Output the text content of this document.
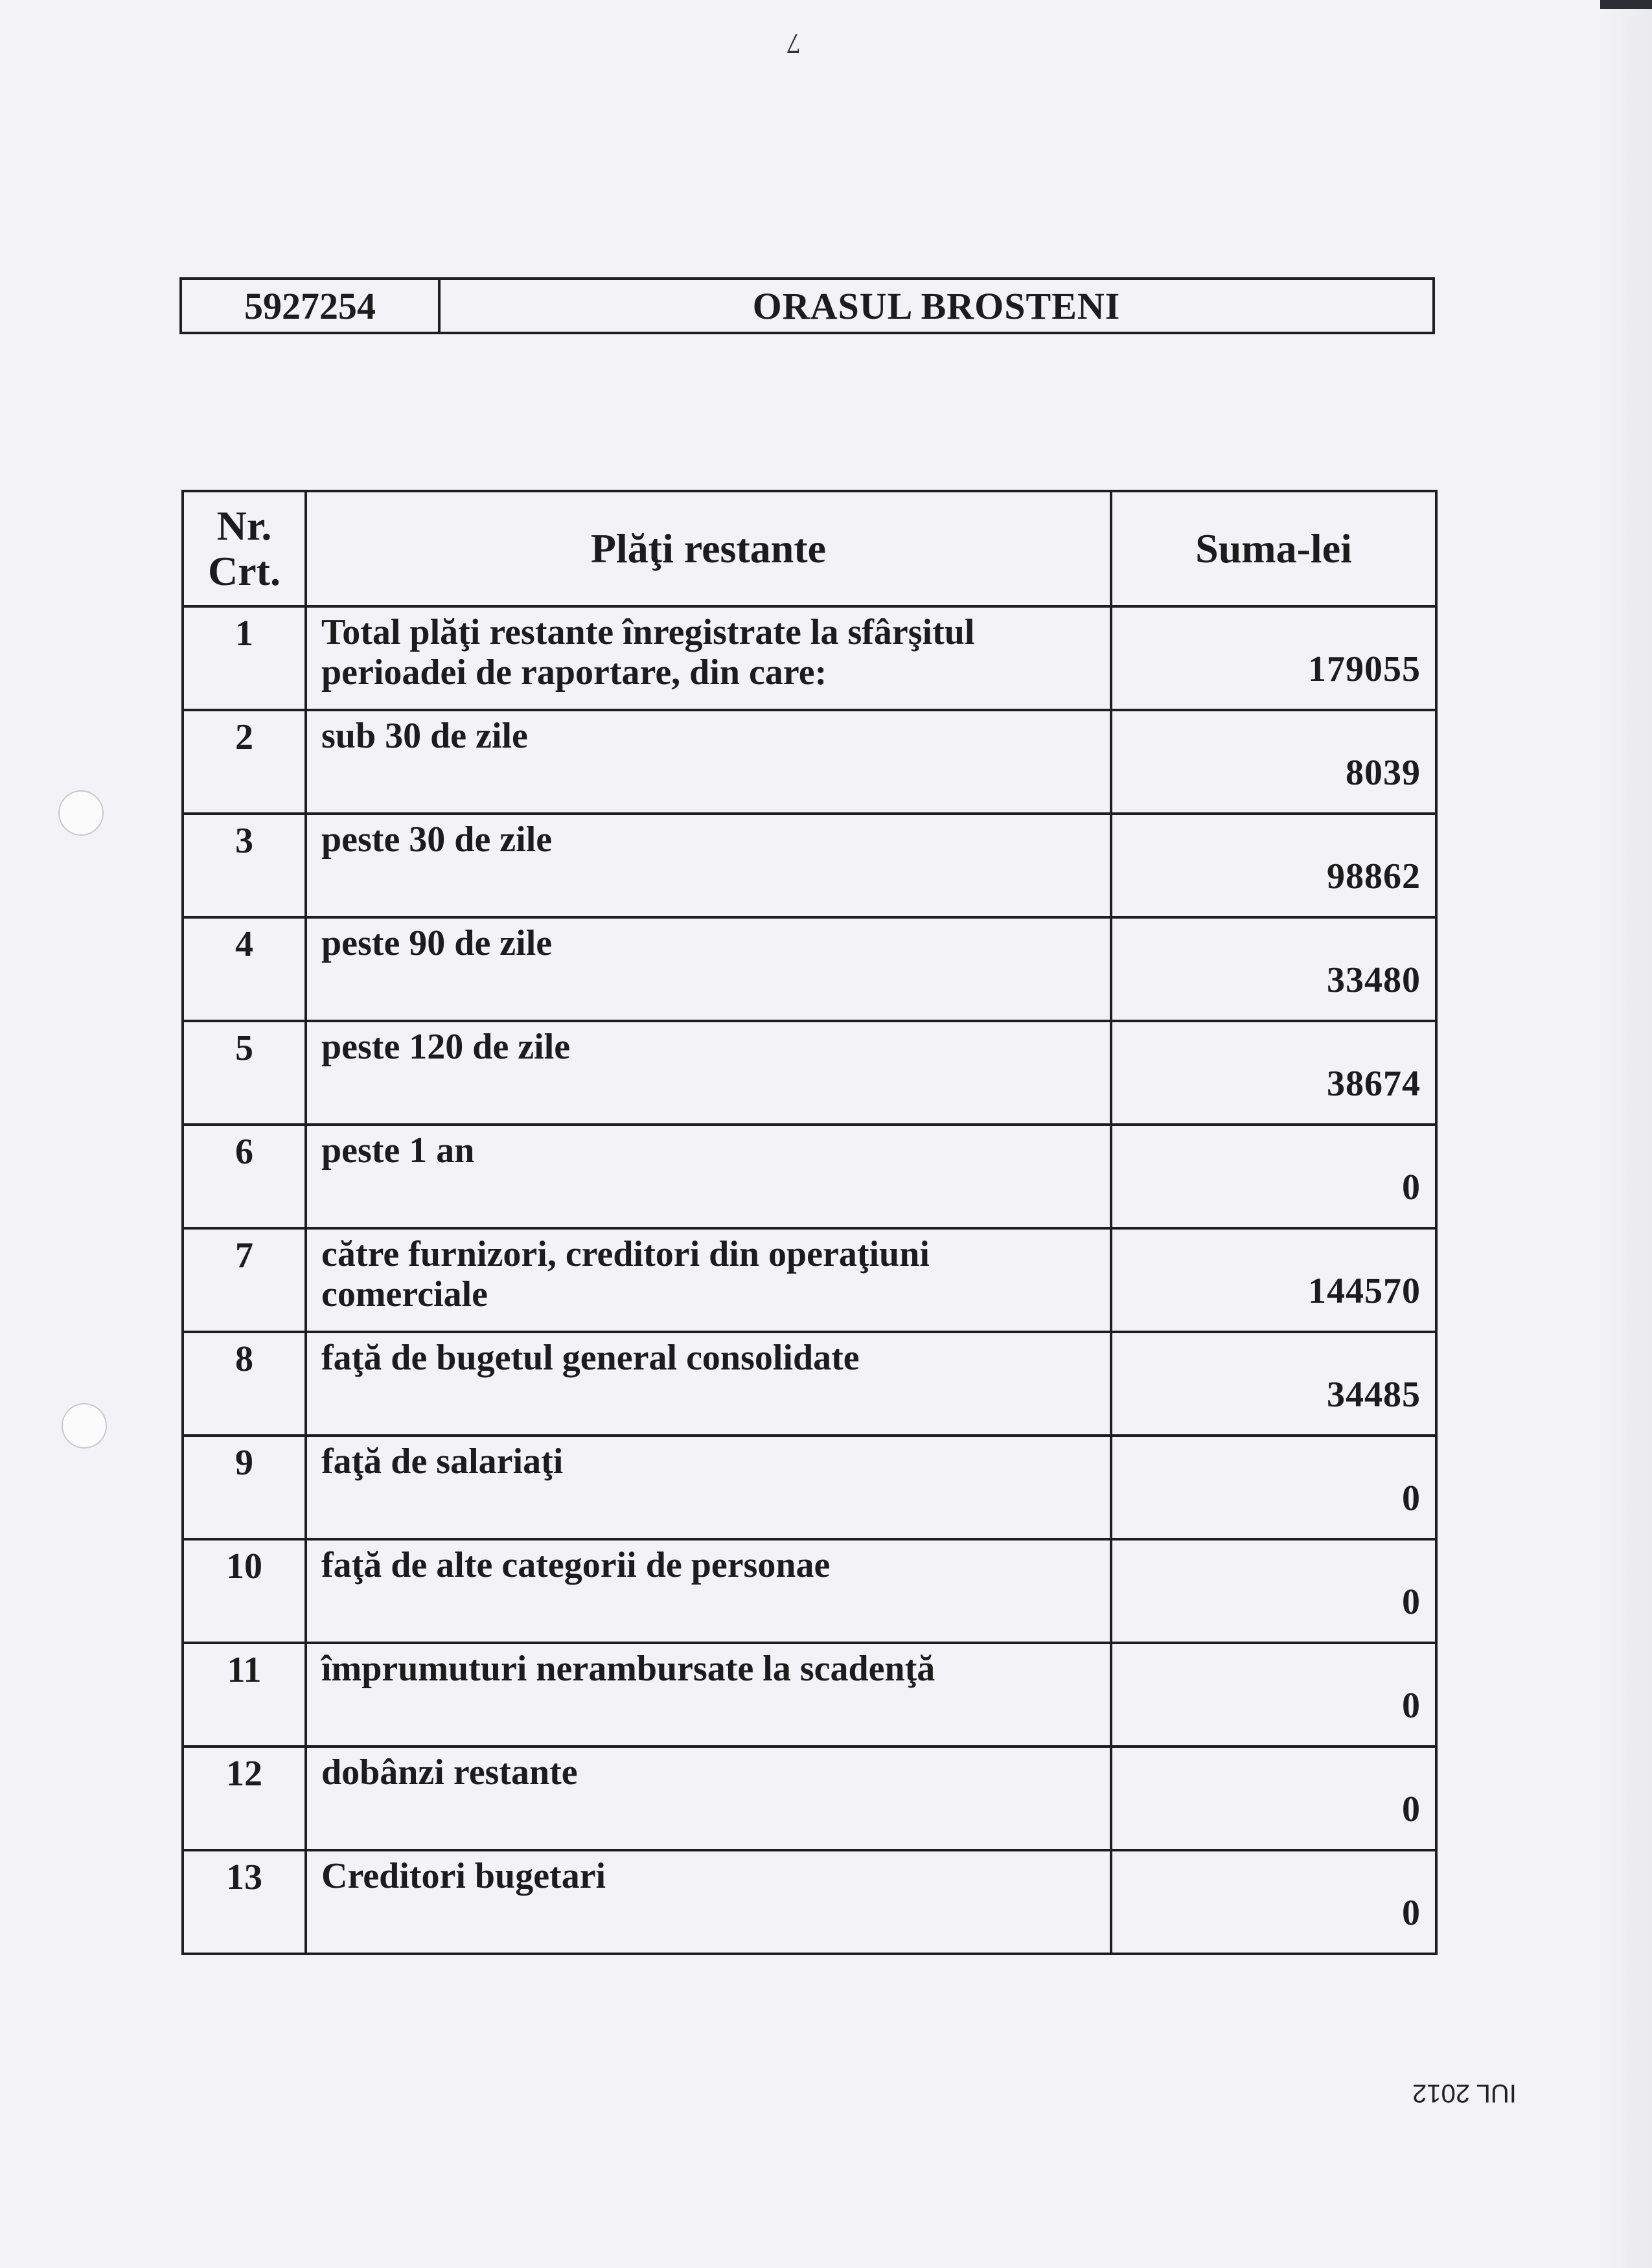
7
5927254	ORASUL BROSTENI
Nr. Crt.	Plăţi restante	Suma-lei
1	Total plăţi restante înregistrate la sfârşitul perioadei de raportare, din care:	179055
2	sub 30 de zile	8039
3	peste 30 de zile	98862
4	peste 90 de zile	33480
5	peste 120 de zile	38674
6	peste 1 an	0
7	către furnizori, creditori din operaţiuni comerciale	144570
8	faţă de bugetul general consolidate	34485
9	faţă de salariaţi	0
10	faţă de alte categorii de personae	0
11	împrumuturi nerambursate la scadenţă	0
12	dobânzi restante	0
13	Creditori bugetari	0
IUL 2012
